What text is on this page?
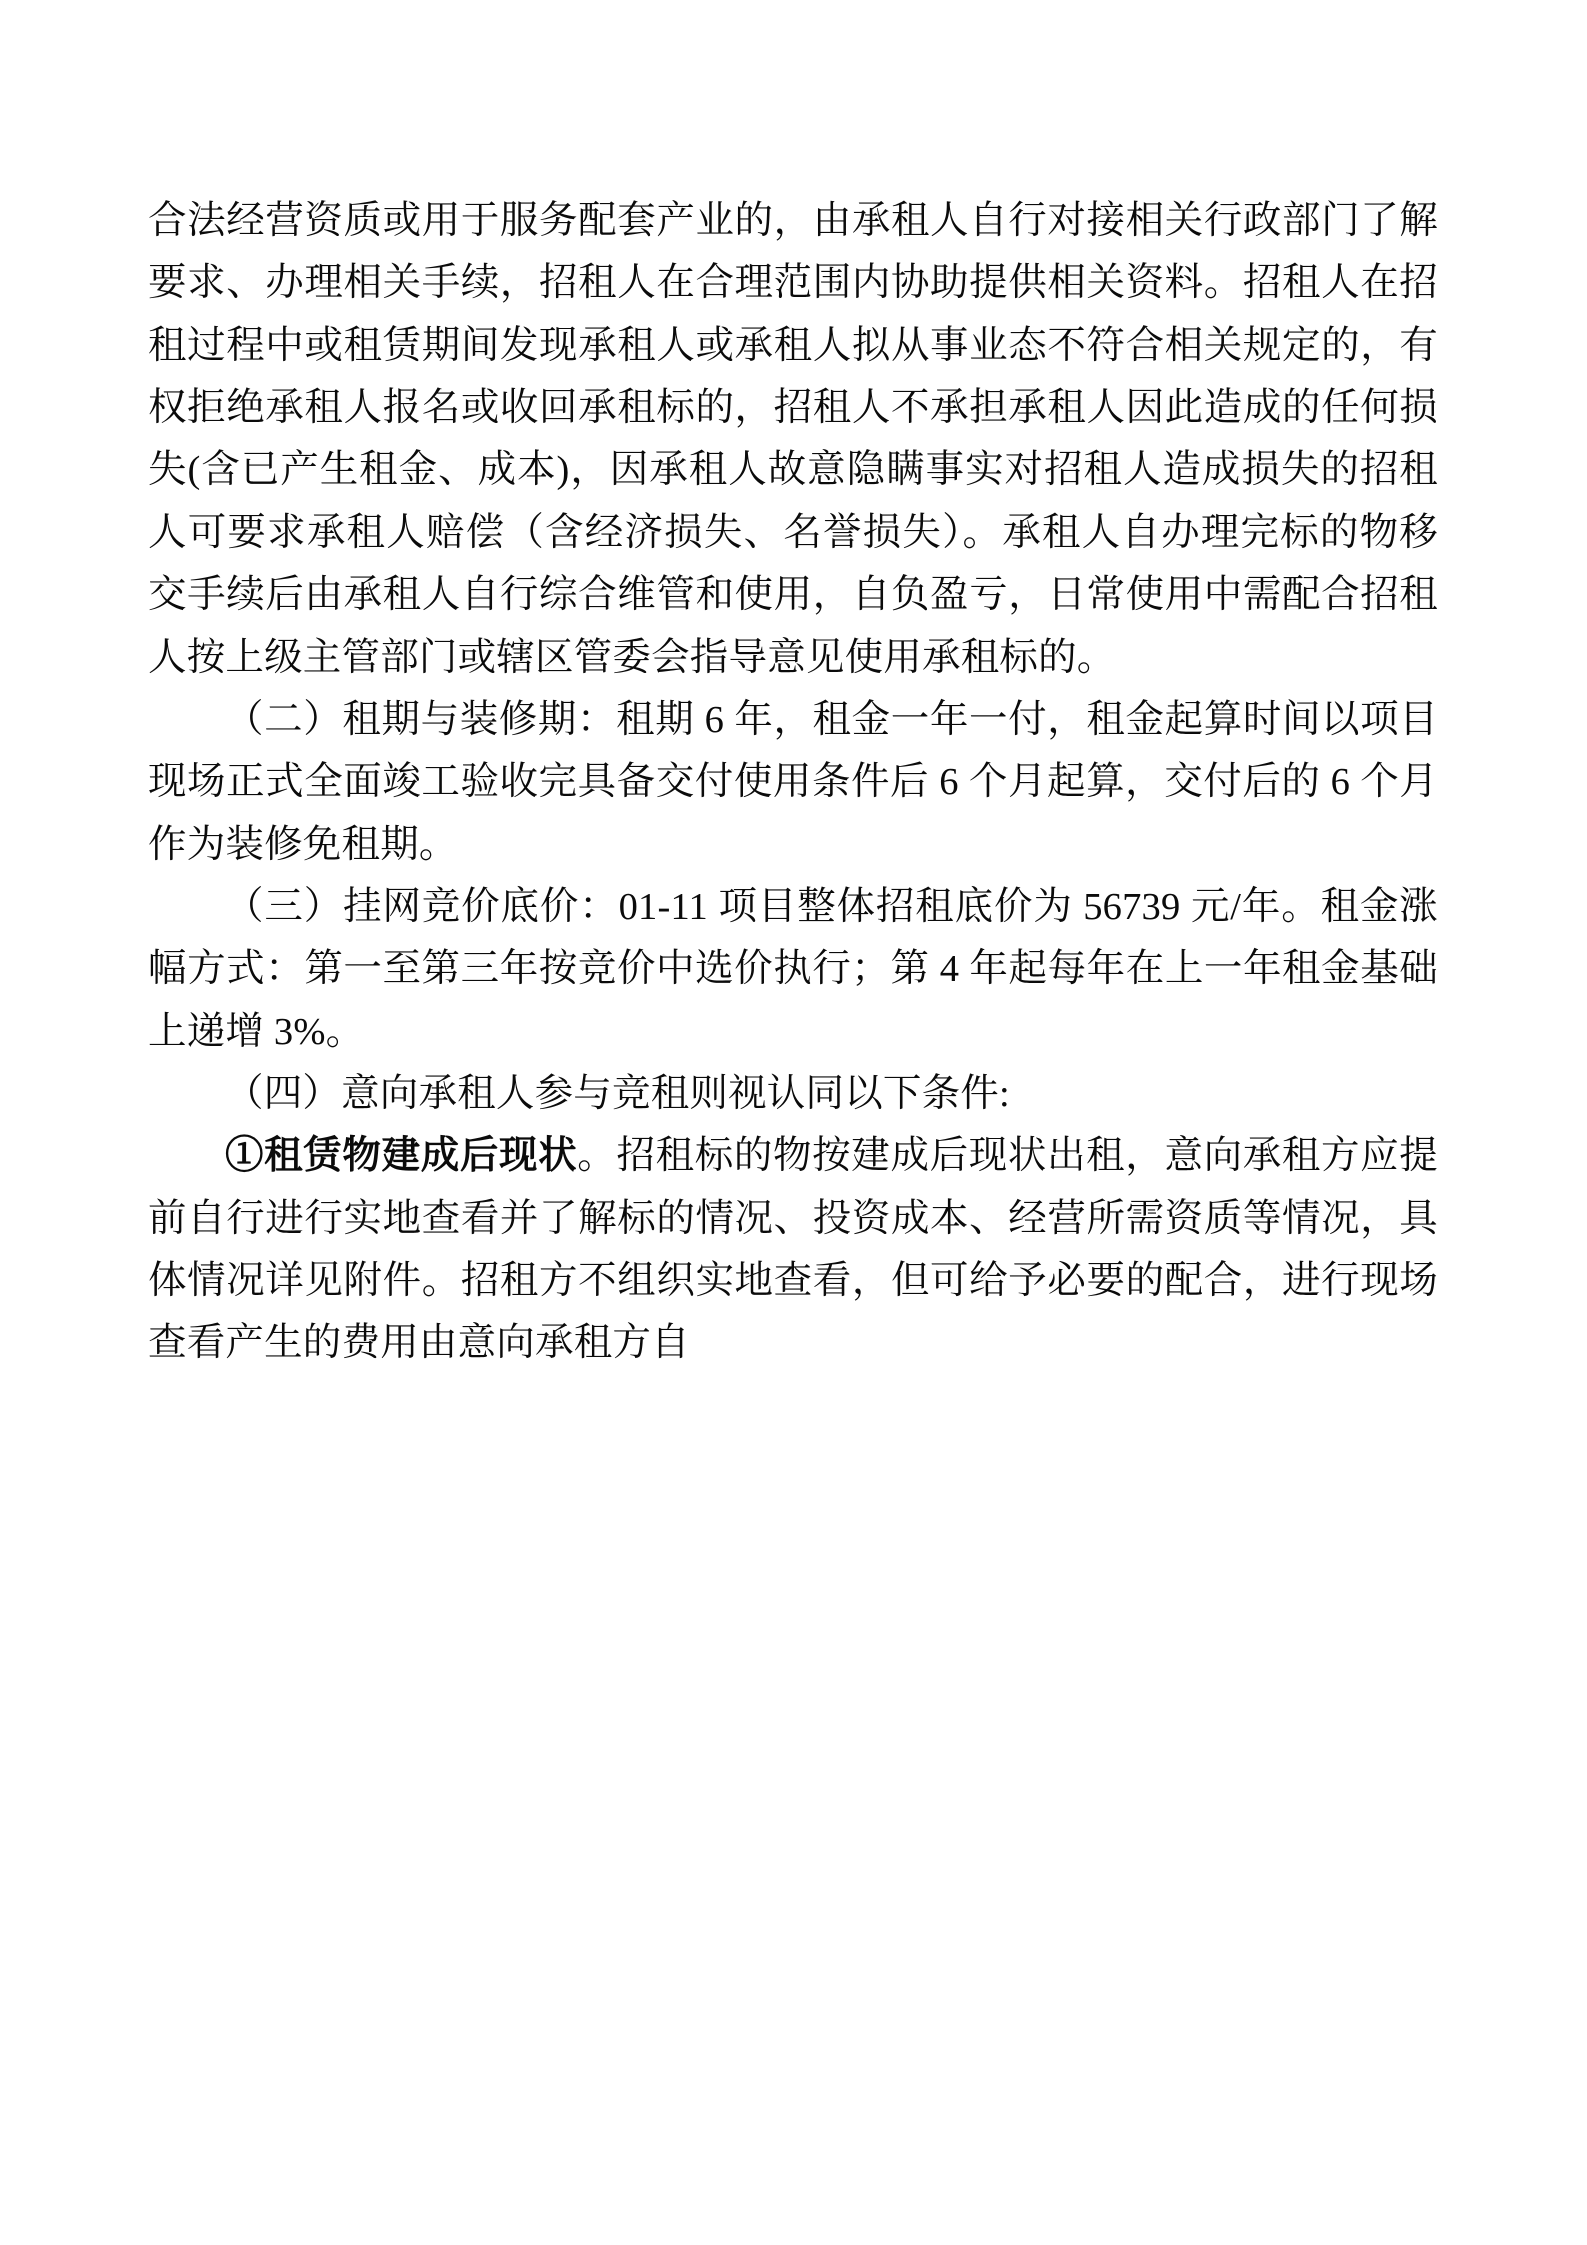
合法经营资质或用于服务配套产业的，由承租人自行对接相关行政部门了解要求、办理相关手续，招租人在合理范围内协助提供相关资料。招租人在招租过程中或租赁期间发现承租人或承租人拟从事业态不符合相关规定的，有权拒绝承租人报名或收回承租标的，招租人不承担承租人因此造成的任何损失(含已产生租金、成本)，因承租人故意隐瞒事实对招租人造成损失的招租人可要求承租人赔偿（含经济损失、名誉损失）。承租人自办理完标的物移交手续后由承租人自行综合维管和使用，自负盈亏，日常使用中需配合招租人按上级主管部门或辖区管委会指导意见使用承租标的。

（二）租期与装修期：租期 6 年，租金一年一付，租金起算时间以项目现场正式全面竣工验收完具备交付使用条件后 6 个月起算，交付后的 6 个月作为装修免租期。

（三）挂网竞价底价：01-11 项目整体招租底价为 56739 元/年。租金涨幅方式：第一至第三年按竞价中选价执行；第 4 年起每年在上一年租金基础上递增 3%。

（四）意向承租人参与竞租则视认同以下条件:

①租赁物建成后现状。招租标的物按建成后现状出租，意向承租方应提前自行进行实地查看并了解标的情况、投资成本、经营所需资质等情况，具体情况详见附件。招租方不组织实地查看，但可给予必要的配合，进行现场查看产生的费用由意向承租方自
